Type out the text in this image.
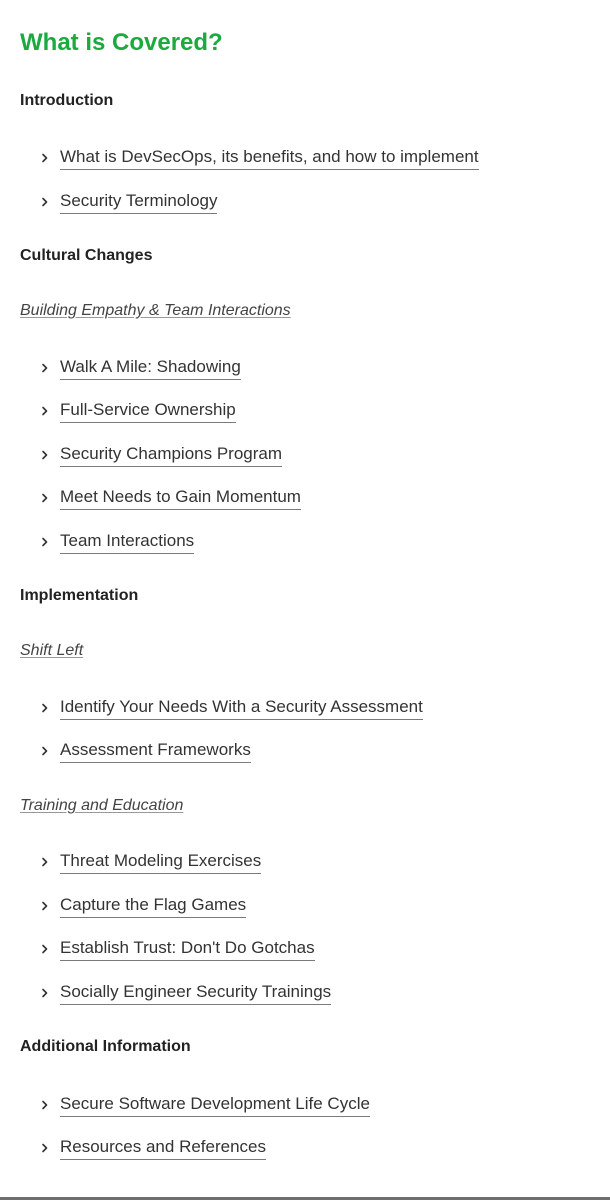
What is Covered?
Introduction
What is DevSecOps, its benefits, and how to implement
Security Terminology
Cultural Changes
Building Empathy & Team Interactions
Walk A Mile: Shadowing
Full-Service Ownership
Security Champions Program
Meet Needs to Gain Momentum
Team Interactions
Implementation
Shift Left
Identify Your Needs With a Security Assessment
Assessment Frameworks
Training and Education
Threat Modeling Exercises
Capture the Flag Games
Establish Trust: Don't Do Gotchas
Socially Engineer Security Trainings
Additional Information
Secure Software Development Life Cycle
Resources and References
